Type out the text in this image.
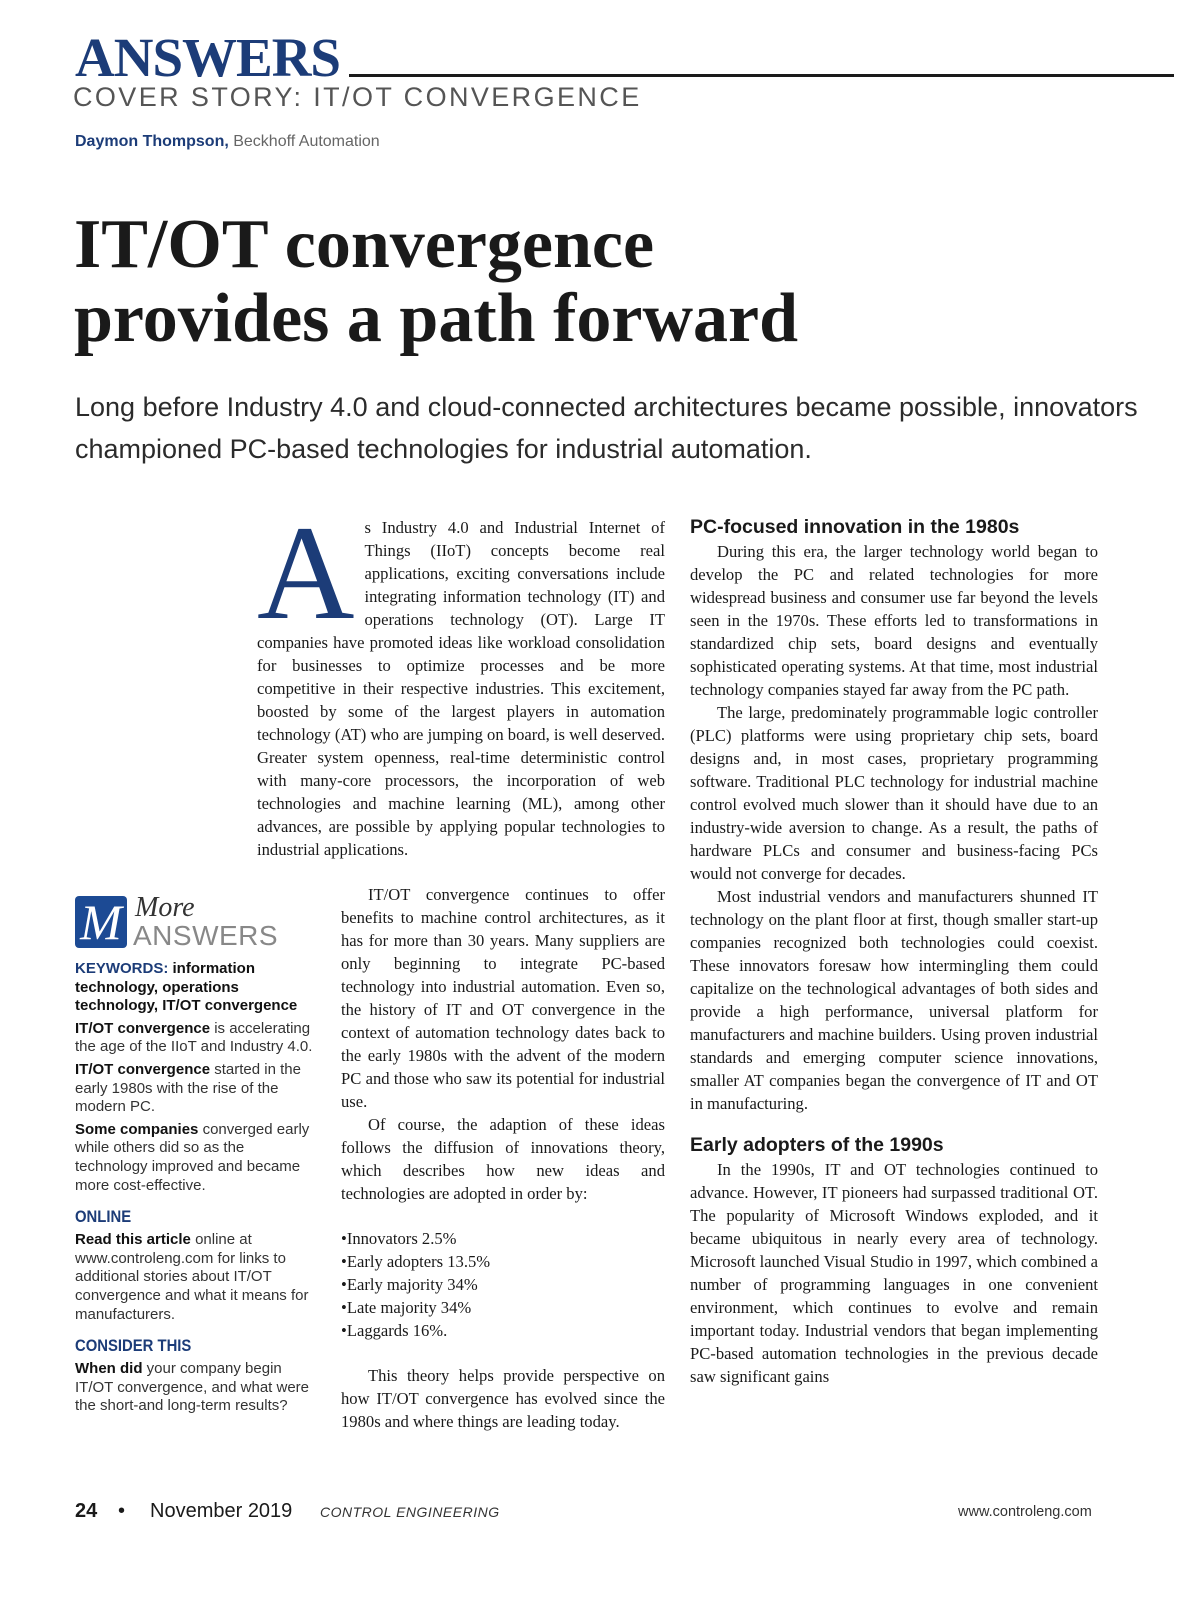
ANSWERS
COVER STORY: IT/OT CONVERGENCE
Daymon Thompson, Beckhoff Automation
IT/OT convergence
provides a path forward

Long before Industry 4.0 and cloud-connected architectures became possible, innovators championed PC-based technologies for industrial automation.

As Industry 4.0 and Industrial Internet of Things (IIoT) concepts become real applications, exciting conversations include integrating information technology (IT) and operations technology (OT). Large IT companies have promoted ideas like workload consolidation for businesses to optimize processes and be more competitive in their respective industries. This excitement, boosted by some of the largest players in automation technology (AT) who are jumping on board, is well deserved. Greater system openness, real-time deterministic control with many-core processors, the incorporation of web technologies and machine learning (ML), among other advances, are possible by applying popular technologies to industrial applications.

IT/OT convergence continues to offer benefits to machine control architectures, as it has for more than 30 years. Many suppliers are only beginning to integrate PC-based technology into industrial automation. Even so, the history of IT and OT convergence in the context of automation technology dates back to the early 1980s with the advent of the modern PC and those who saw its potential for industrial use.

Of course, the adaption of these ideas follows the diffusion of innovations theory, which describes how new ideas and technologies are adopted in order by:

• Innovators 2.5%
• Early adopters 13.5%
• Early majority 34%
• Late majority 34%
• Laggards 16%.

This theory helps provide perspective on how IT/OT convergence has evolved since the 1980s and where things are leading today.

PC-focused innovation in the 1980s

During this era, the larger technology world began to develop the PC and related technologies for more widespread business and consumer use far beyond the levels seen in the 1970s. These efforts led to transformations in standardized chip sets, board designs and eventually sophisticated operating systems. At that time, most industrial technology companies stayed far away from the PC path.

The large, predominately programmable logic controller (PLC) platforms were using proprietary chip sets, board designs and, in most cases, proprietary programming software. Traditional PLC technology for industrial machine control evolved much slower than it should have due to an industry-wide aversion to change. As a result, the paths of hardware PLCs and consumer and business-facing PCs would not converge for decades.

Most industrial vendors and manufacturers shunned IT technology on the plant floor at first, though smaller start-up companies recognized both technologies could coexist. These innovators foresaw how intermingling them could capitalize on the technological advantages of both sides and provide a high performance, universal platform for manufacturers and machine builders. Using proven industrial standards and emerging computer science innovations, smaller AT companies began the convergence of IT and OT in manufacturing.

Early adopters of the 1990s

In the 1990s, IT and OT technologies continued to advance. However, IT pioneers had surpassed traditional OT. The popularity of Microsoft Windows exploded, and it became ubiquitous in nearly every area of technology. Microsoft launched Visual Studio in 1997, which combined a number of programming languages in one convenient environment, which continues to evolve and remain important today. Industrial vendors that began implementing PC-based automation technologies in the previous decade saw significant gains

M More
ANSWERS

KEYWORDS: information technology, operations technology, IT/OT convergence

IT/OT convergence is accelerating the age of the IIoT and Industry 4.0.

IT/OT convergence started in the early 1980s with the rise of the modern PC.

Some companies converged early while others did so as the technology improved and became more cost-effective.

ONLINE

Read this article online at www.controleng.com for links to additional stories about IT/OT convergence and what it means for manufacturers.

CONSIDER THIS

When did your company begin IT/OT convergence, and what were the short-and long-term results?

24 • November 2019 CONTROL ENGINEERING	www.controleng.com
